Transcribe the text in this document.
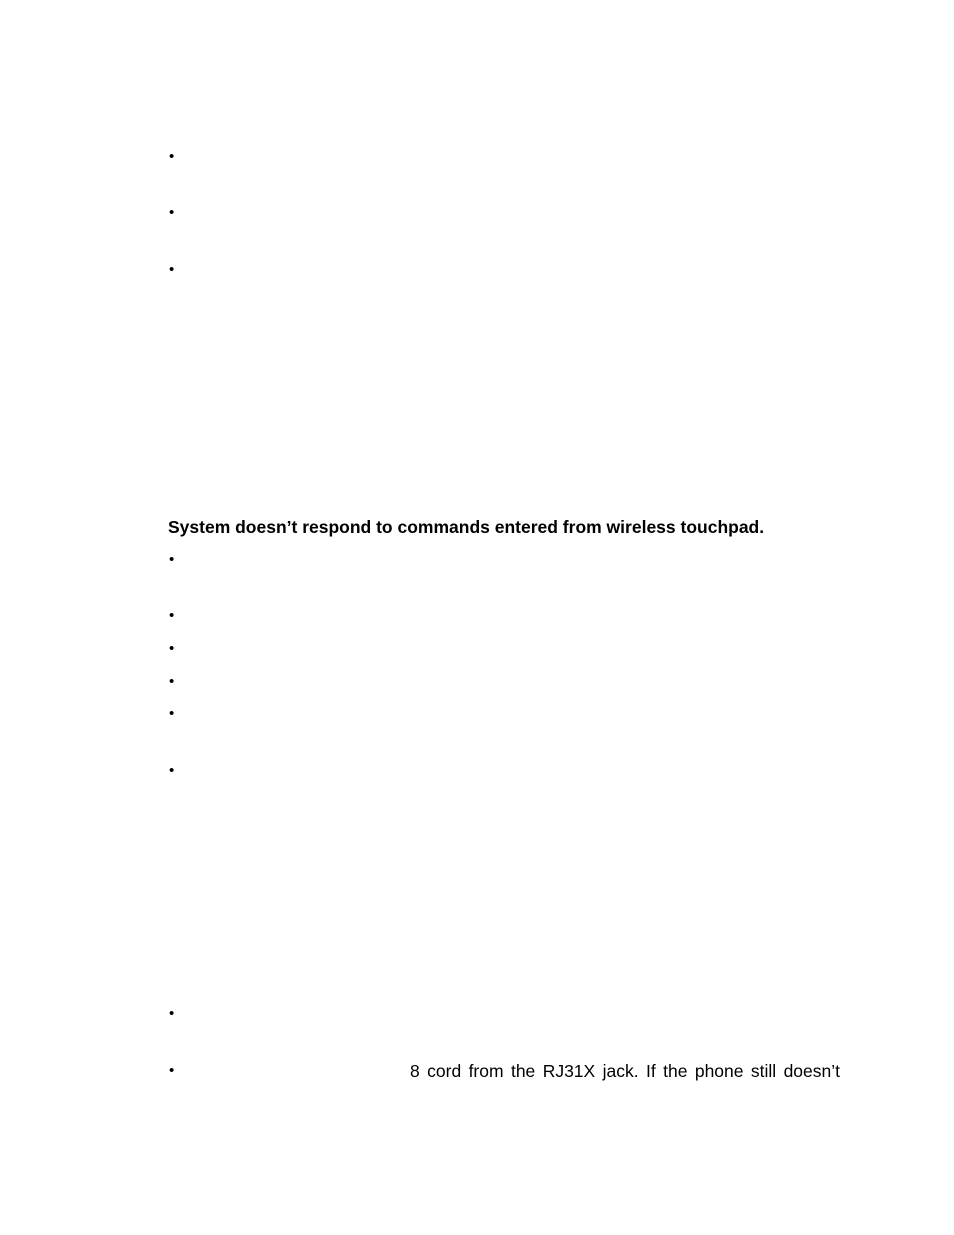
•
•
•
System doesn’t respond to commands entered from wireless touchpad.
•
•
•
•
•
•
•
•	8 cord from the RJ31X jack. If the phone still doesn’t
